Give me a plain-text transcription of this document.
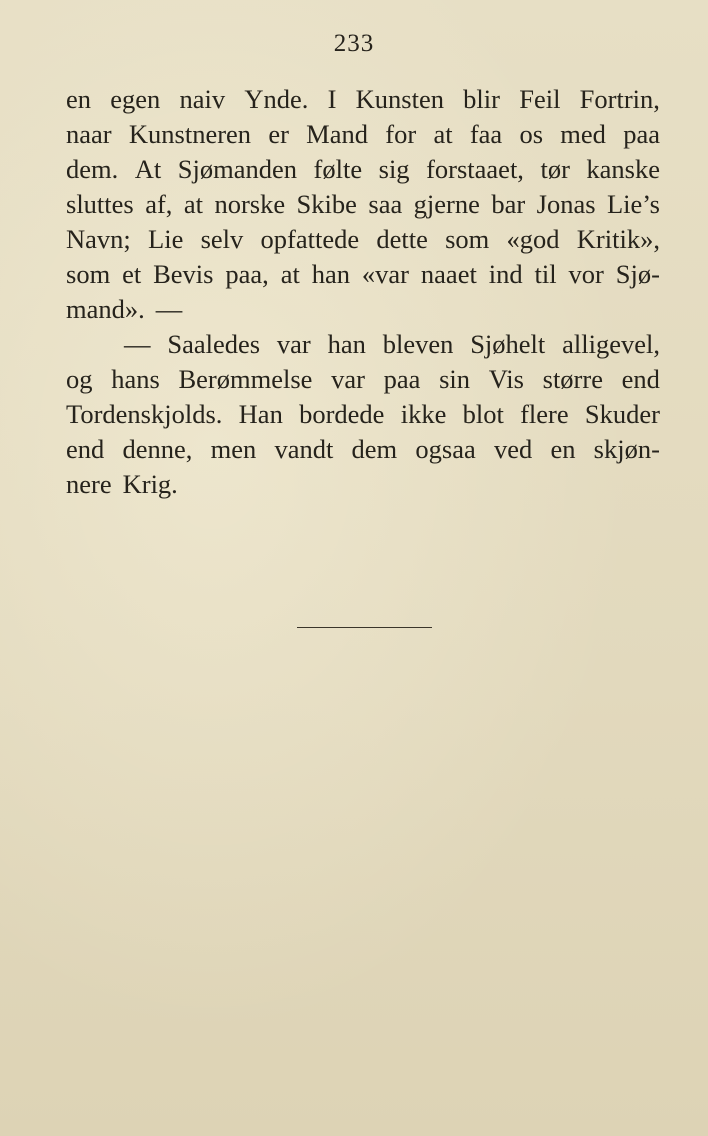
233
en egen naiv Ynde. I Kunsten blir Feil Fortrin,
naar Kunstneren er Mand for at faa os med paa
dem. At Sjømanden følte sig forstaaet, tør kanske
sluttes af, at norske Skibe saa gjerne bar Jonas Lie’s
Navn; Lie selv opfattede dette som «god Kritik»,
som et Bevis paa, at han «var naaet ind til vor Sjø-
mand». —
— Saaledes var han bleven Sjøhelt alligevel,
og hans Berømmelse var paa sin Vis større end
Tordenskjolds. Han bordede ikke blot flere Skuder
end denne, men vandt dem ogsaa ved en skjøn-
nere Krig.
